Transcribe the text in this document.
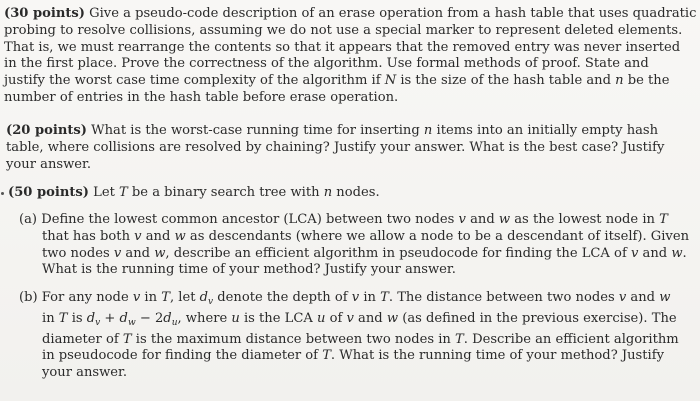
(30 points) Give a pseudo-code description of an erase operation from a hash table that uses quadratic
probing to resolve collisions, assuming we do not use a special marker to represent deleted elements.
That is, we must rearrange the contents so that it appears that the removed entry was never inserted
in the first place. Prove the correctness of the algorithm. Use formal methods of proof. State and
justify the worst case time complexity of the algorithm if N is the size of the hash table and n be the
number of entries in the hash table before erase operation.
(20 points) What is the worst-case running time for inserting n items into an initially empty hash
table, where collisions are resolved by chaining? Justify your answer. What is the best case? Justify
your answer.
(50 points) Let T be a binary search tree with n nodes.
(a) Define the lowest common ancestor (LCA) between two nodes v and w as the lowest node in T
that has both v and w as descendants (where we allow a node to be a descendant of itself). Given
two nodes v and w, describe an efficient algorithm in pseudocode for finding the LCA of v and w.
What is the running time of your method? Justify your answer.
(b) For any node v in T, let $d_v$ denote the depth of v in T. The distance between two nodes v and w
in T is $d_v + d_w - 2d_u$, where u is the LCA u of v and w (as defined in the previous exercise). The
diameter of T is the maximum distance between two nodes in T. Describe an efficient algorithm
in pseudocode for finding the diameter of T. What is the running time of your method? Justify
your answer.
